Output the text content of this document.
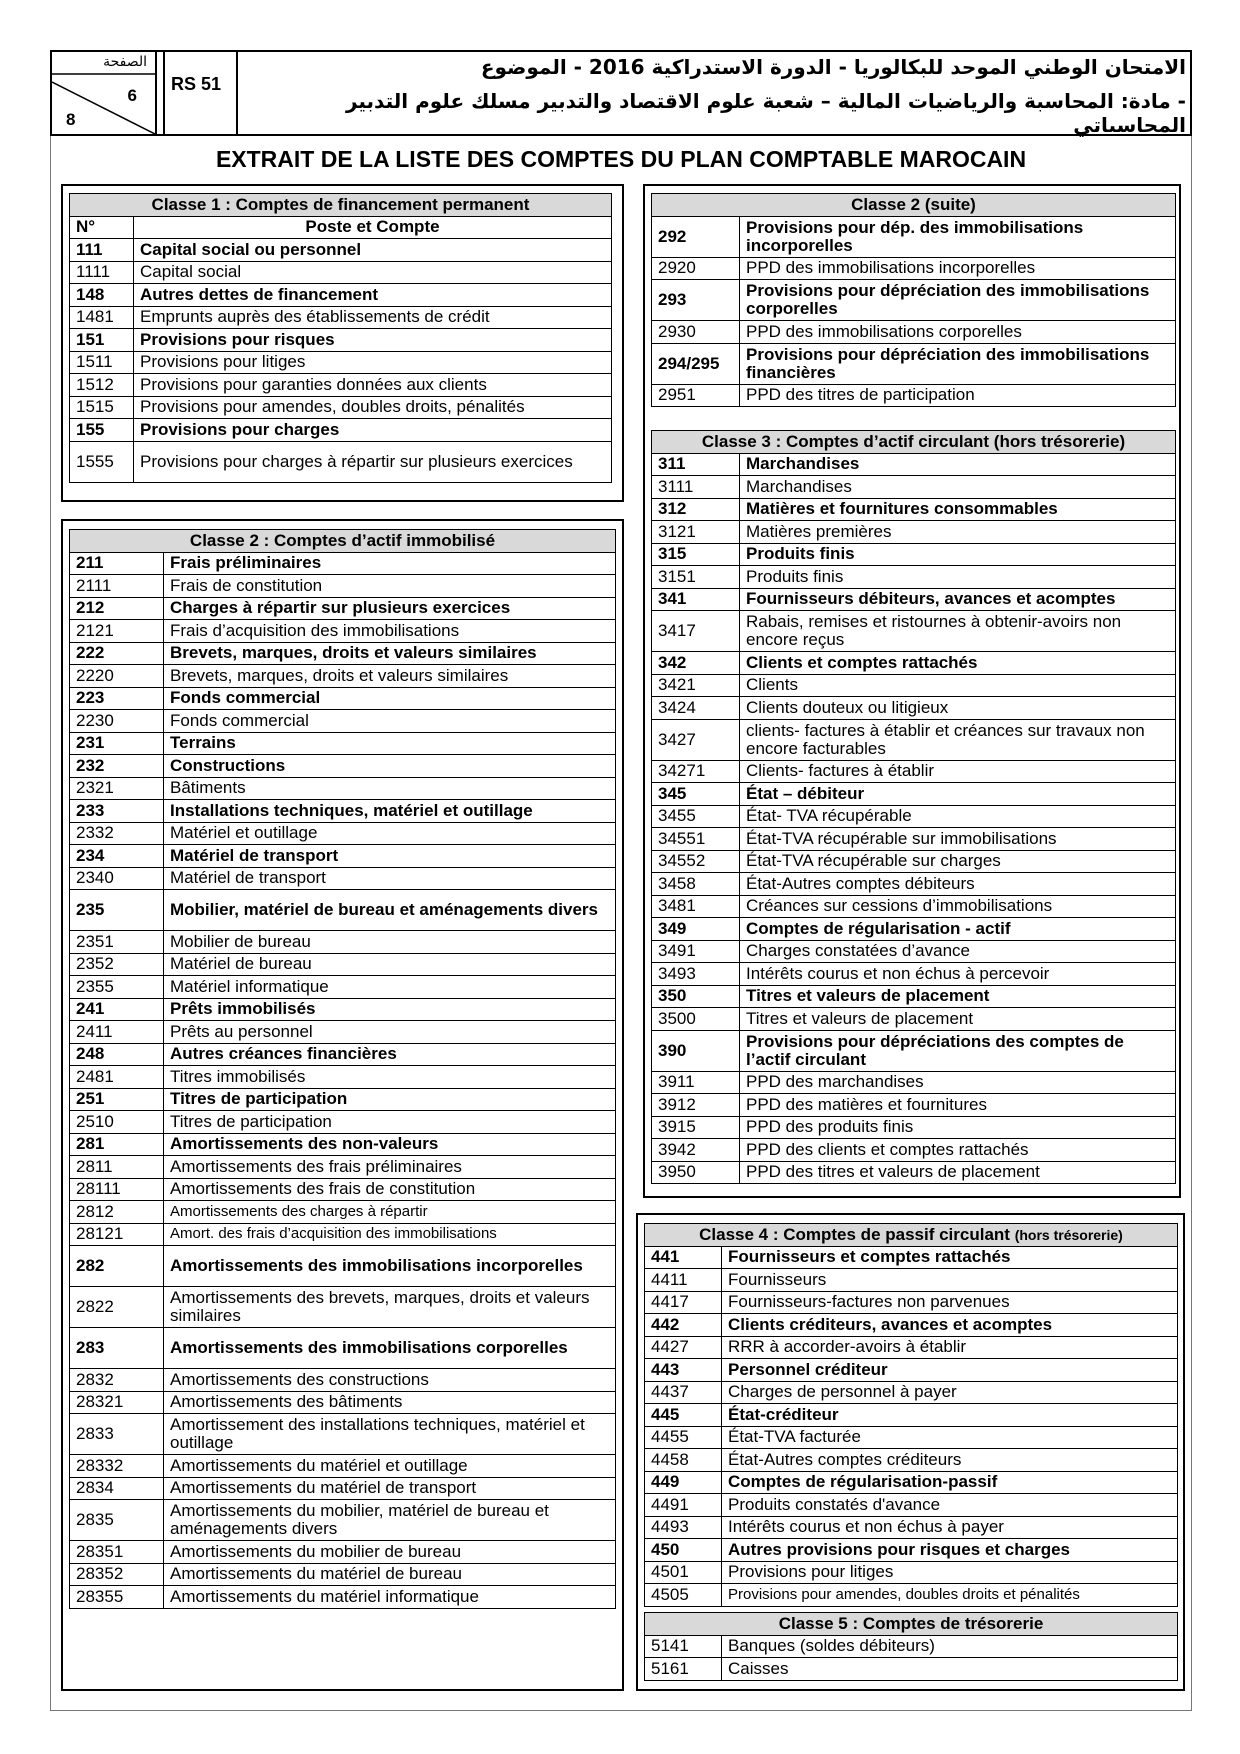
الصفحة
6
8
RS 51
الامتحان الوطني الموحد للبكالوريا - الدورة الاستدراكية 2016 - الموضوع
- مادة: المحاسبة والرياضيات المالية – شعبة علوم الاقتصاد والتدبير مسلك علوم التدبير المحاسباتي
EXTRAIT DE LA LISTE DES COMPTES DU PLAN COMPTABLE MAROCAIN
Classe 1 : Comptes de financement permanent	
N°	Poste et Compte
111	Capital social ou personnel
1111	Capital social
148	Autres dettes de financement
1481	Emprunts auprès des établissements de crédit
151	Provisions pour risques
1511	Provisions pour litiges
1512	Provisions pour garanties données aux clients
1515	Provisions pour amendes, doubles droits, pénalités
155	Provisions pour charges
1555	Provisions pour charges à répartir sur plusieurs exercices
Classe 2 : Comptes d’actif immobilisé	
211	Frais préliminaires
2111	Frais de constitution
212	Charges à répartir sur plusieurs exercices
2121	Frais d’acquisition des immobilisations
222	Brevets, marques, droits et valeurs similaires
2220	Brevets, marques, droits et valeurs similaires
223	Fonds commercial
2230	Fonds commercial
231	Terrains
232	Constructions
2321	Bâtiments
233	Installations techniques, matériel et outillage
2332	Matériel et outillage
234	Matériel de transport
2340	Matériel de transport
235	Mobilier, matériel de bureau et aménagements divers
2351	Mobilier de bureau
2352	Matériel de bureau
2355	Matériel informatique
241	Prêts immobilisés
2411	Prêts au personnel
248	Autres créances financières
2481	Titres immobilisés
251	Titres de participation
2510	Titres de participation
281	Amortissements des non-valeurs
2811	Amortissements des frais préliminaires
28111	Amortissements des frais de constitution
2812	Amortissements des charges à répartir
28121	Amort. des frais d’acquisition des immobilisations
282	Amortissements des immobilisations incorporelles
2822	Amortissements des brevets, marques, droits et valeurs similaires
283	Amortissements des immobilisations corporelles
2832	Amortissements des constructions
28321	Amortissements des bâtiments
2833	Amortissement des installations techniques, matériel et outillage
28332	Amortissements du matériel et outillage
2834	Amortissements du matériel de transport
2835	Amortissements du mobilier, matériel de bureau et aménagements divers
28351	Amortissements du mobilier de bureau
28352	Amortissements du matériel de bureau
28355	Amortissements du matériel informatique
Classe 2 (suite)	
292	Provisions pour dép. des immobilisations incorporelles
2920	PPD des immobilisations incorporelles
293	Provisions pour dépréciation des immobilisations corporelles
2930	PPD des immobilisations corporelles
294/295	Provisions pour dépréciation des immobilisations financières
2951	PPD des titres de participation
Classe 3 : Comptes d’actif circulant (hors trésorerie)	
311	Marchandises
3111	Marchandises
312	Matières et fournitures consommables
3121	Matières premières
315	Produits finis
3151	Produits finis
341	Fournisseurs débiteurs, avances et acomptes
3417	Rabais, remises et ristournes à obtenir-avoirs non encore reçus
342	Clients et comptes rattachés
3421	Clients
3424	Clients douteux ou litigieux
3427	clients- factures à établir et créances sur travaux non encore facturables
34271	Clients- factures à établir
345	État – débiteur
3455	État- TVA récupérable
34551	État-TVA récupérable sur immobilisations
34552	État-TVA récupérable sur charges
3458	État-Autres comptes débiteurs
3481	Créances sur cessions d’immobilisations
349	Comptes de régularisation - actif
3491	Charges constatées d’avance
3493	Intérêts courus et non échus à percevoir
350	Titres et valeurs de placement
3500	Titres et valeurs de placement
390	Provisions pour dépréciations des comptes de l’actif circulant
3911	PPD des marchandises
3912	PPD des matières et fournitures
3915	PPD des produits finis
3942	PPD des clients et comptes rattachés
3950	PPD des titres et valeurs de placement
Classe 4 : Comptes de passif circulant (hors trésorerie)	
441	Fournisseurs et comptes rattachés
4411	Fournisseurs
4417	Fournisseurs-factures non parvenues
442	Clients créditeurs, avances et acomptes
4427	RRR à accorder-avoirs à établir
443	Personnel créditeur
4437	Charges de personnel à payer
445	État-créditeur
4455	État-TVA facturée
4458	État-Autres comptes créditeurs
449	Comptes de régularisation-passif
4491	Produits constatés d'avance
4493	Intérêts courus et non échus à payer
450	Autres provisions pour risques et charges
4501	Provisions pour litiges
4505	Provisions pour amendes, doubles droits et pénalités
Classe 5 : Comptes de trésorerie	
5141	Banques (soldes débiteurs)
5161	Caisses
